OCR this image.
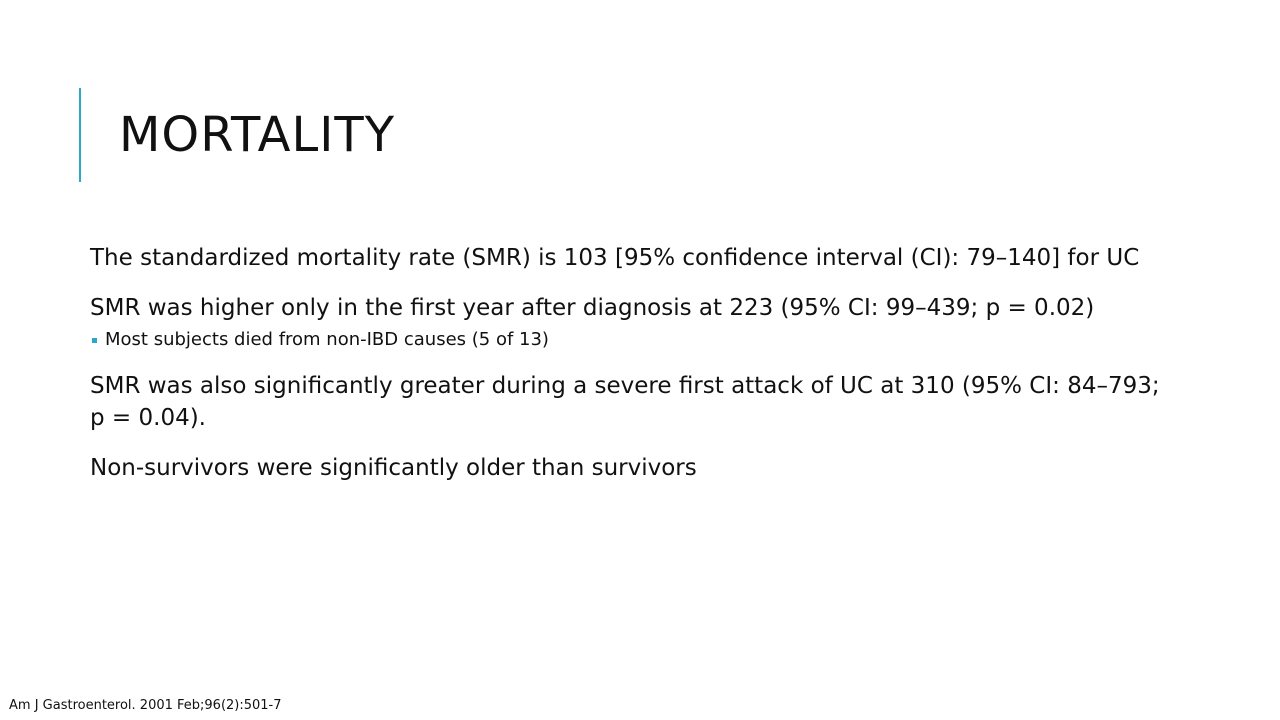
MORTALITY

The standardized mortality rate (SMR) is 103 [95% confidence interval (CI): 79–140] for UC

SMR was higher only in the first year after diagnosis at 223 (95% CI: 99–439; p = 0.02)

Most subjects died from non-IBD causes (5 of 13)

SMR was also significantly greater during a severe first attack of UC at 310 (95% CI: 84–793; p = 0.04).

Non-survivors were significantly older than survivors

Am J Gastroenterol. 2001 Feb;96(2):501-7
